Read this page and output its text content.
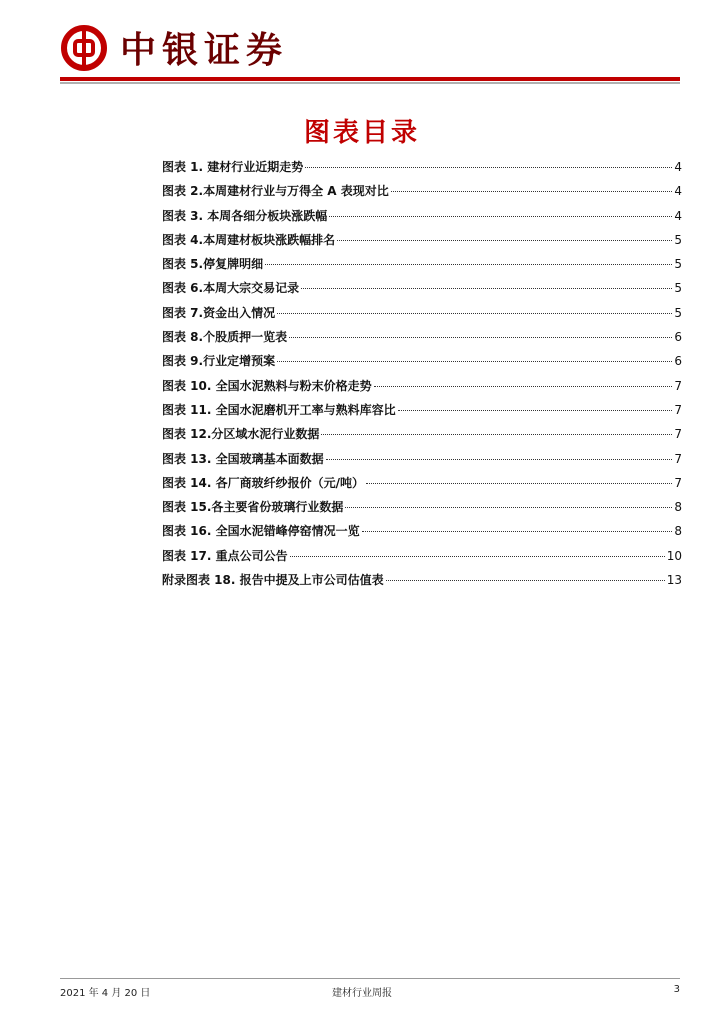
中银证券
图表目录
图表 1. 建材行业近期走势	4
图表 2.本周建材行业与万得全 A 表现对比	4
图表 3. 本周各细分板块涨跌幅	4
图表 4.本周建材板块涨跌幅排名	5
图表 5.停复牌明细	5
图表 6.本周大宗交易记录	5
图表 7.资金出入情况	5
图表 8.个股质押一览表	6
图表 9.行业定增预案	6
图表 10. 全国水泥熟料与粉末价格走势	7
图表 11. 全国水泥磨机开工率与熟料库容比	7
图表 12.分区域水泥行业数据	7
图表 13. 全国玻璃基本面数据	7
图表 14. 各厂商玻纤纱报价（元/吨）	7
图表 15.各主要省份玻璃行业数据	8
图表 16. 全国水泥错峰停窑情况一览	8
图表 17. 重点公司公告	10
附录图表 18. 报告中提及上市公司估值表	13
2021 年 4 月 20 日	建材行业周报	3
